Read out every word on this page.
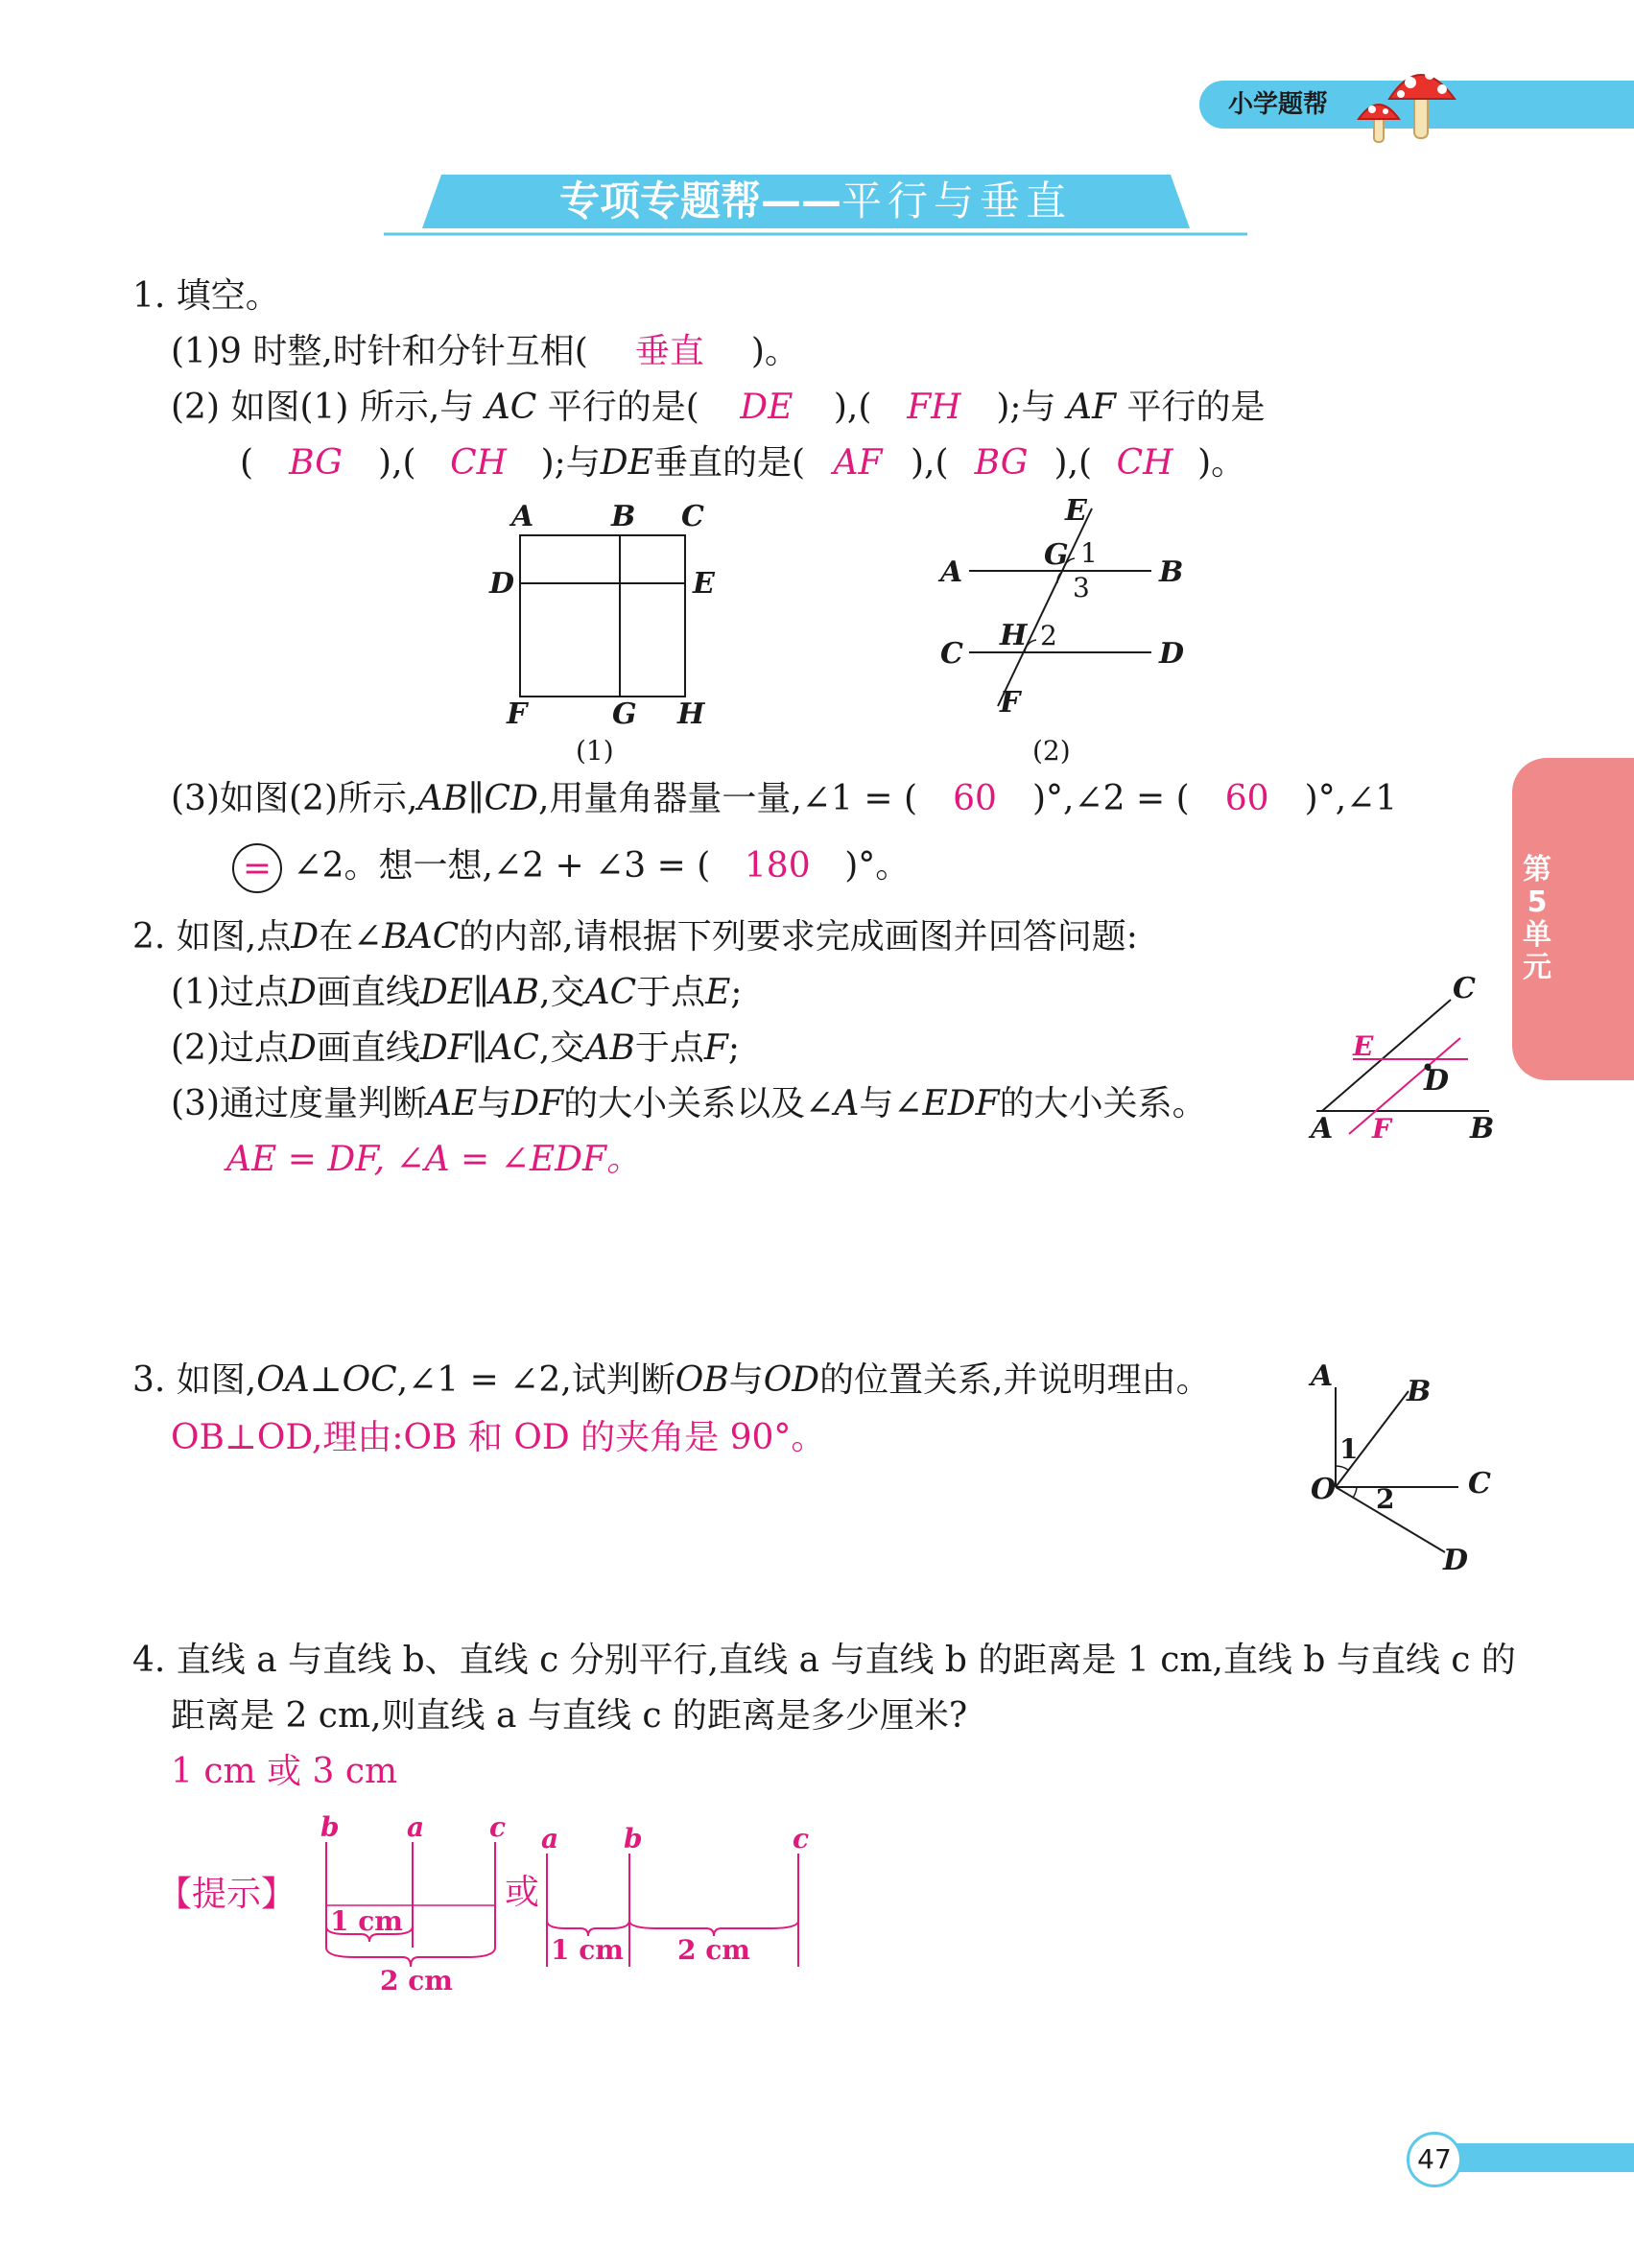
小学题帮
专项专题帮——平行与垂直
第5单元
1. 填空。
(1)9 时整,时针和分针互相( 垂直 )。
(2) 如图(1) 所示,与 AC 平行的是( DE ),( FH );与 AF 平行的是
( BG ),( CH );与DE垂直的是( AF ),( BG ),( CH )。
A	B C
D	E
F	G H
(1)
E
G 1
A	B
3
H 2
C	D
F
(2)
(3)如图(2)所示,AB∥CD,用量角器量一量,∠1 = ( 60 )°,∠2 = ( 60 )°,∠1
= ∠2。想一想,∠2 + ∠3 = ( 180 )°。
2. 如图,点D在∠BAC的内部,请根据下列要求完成画图并回答问题:
(1)过点D画直线DE∥AB,交AC于点E;
(2)过点D画直线DF∥AC,交AB于点F;
(3)通过度量判断AE与DF的大小关系以及∠A与∠EDF的大小关系。
AE = DF, ∠A = ∠EDF。
C
E
D
A F	B
3. 如图,OA⊥OC,∠1 = ∠2,试判断OB与OD的位置关系,并说明理由。
OB⊥OD,理由:OB 和 OD 的夹角是 90°。
A	B
1
O 2	C
D
4. 直线 a 与直线 b、直线 c 分别平行,直线 a 与直线 b 的距离是 1 cm,直线 b 与直线 c 的
距离是 2 cm,则直线 a 与直线 c 的距离是多少厘米?
1 cm 或 3 cm
【提示】
b	a c
1 cm
2 cm
或
a b	c
1 cm 2 cm
47
